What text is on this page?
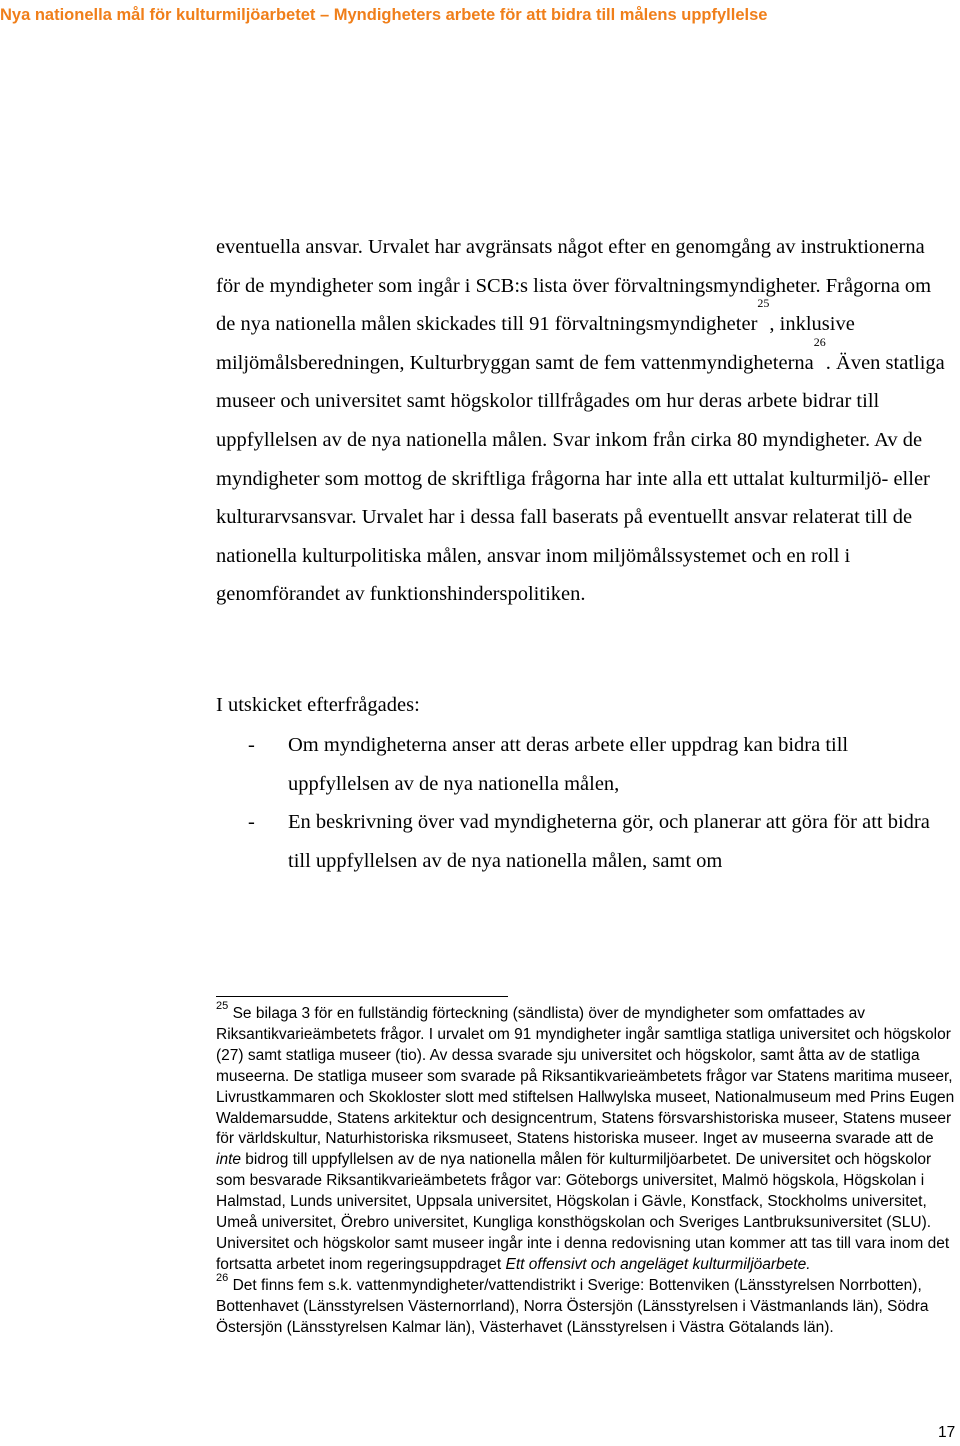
Nya nationella mål för kulturmiljöarbetet – Myndigheters arbete för att bidra till målens uppfyllelse
eventuella ansvar. Urvalet har avgränsats något efter en genomgång av instruktionerna för de myndigheter som ingår i SCB:s lista över förvaltningsmyndigheter. Frågorna om de nya nationella målen skickades till 91 förvaltningsmyndigheter$^{25}$, inklusive miljömålsberedningen, Kulturbryggan samt de fem vattenmyndigheterna$^{26}$. Även statliga museer och universitet samt högskolor tillfrågades om hur deras arbete bidrar till uppfyllelsen av de nya nationella målen. Svar inkom från cirka 80 myndigheter. Av de myndigheter som mottog de skriftliga frågorna har inte alla ett uttalat kulturmiljö- eller kulturarvsansvar. Urvalet har i dessa fall baserats på eventuellt ansvar relaterat till de nationella kulturpolitiska målen, ansvar inom miljömålssystemet och en roll i genomförandet av funktionshinderspolitiken.
I utskicket efterfrågades:
- Om myndigheterna anser att deras arbete eller uppdrag kan bidra till uppfyllelsen av de nya nationella målen,
- En beskrivning över vad myndigheterna gör, och planerar att göra för att bidra till uppfyllelsen av de nya nationella målen, samt om
$^{25}$ Se bilaga 3 för en fullständig förteckning (sändlista) över de myndigheter som omfattades av Riksantikvarieämbetets frågor. I urvalet om 91 myndigheter ingår samtliga statliga universitet och högskolor (27) samt statliga museer (tio). Av dessa svarade sju universitet och högskolor, samt åtta av de statliga museerna. De statliga museer som svarade på Riksantikvarieämbetets frågor var Statens maritima museer, Livrustkammaren och Skokloster slott med stiftelsen Hallwylska museet, Nationalmuseum med Prins Eugen Waldemarsudde, Statens arkitektur och designcentrum, Statens försvarshistoriska museer, Statens museer för världskultur, Naturhistoriska riksmuseet, Statens historiska museer. Inget av museerna svarade att de inte bidrog till uppfyllelsen av de nya nationella målen för kulturmiljöarbetet. De universitet och högskolor som besvarade Riksantikvarieämbetets frågor var: Göteborgs universitet, Malmö högskola, Högskolan i Halmstad, Lunds universitet, Uppsala universitet, Högskolan i Gävle, Konstfack, Stockholms universitet, Umeå universitet, Örebro universitet, Kungliga konsthögskolan och Sveriges Lantbruksuniversitet (SLU). Universitet och högskolor samt museer ingår inte i denna redovisning utan kommer att tas till vara inom det fortsatta arbetet inom regeringsuppdraget Ett offensivt och angeläget kulturmiljöarbete.
$^{26}$ Det finns fem s.k. vattenmyndigheter/vattendistrikt i Sverige: Bottenviken (Länsstyrelsen Norrbotten), Bottenhavet (Länsstyrelsen Västernorrland), Norra Östersjön (Länsstyrelsen i Västmanlands län), Södra Östersjön (Länsstyrelsen Kalmar län), Västerhavet (Länsstyrelsen i Västra Götalands län).
17
